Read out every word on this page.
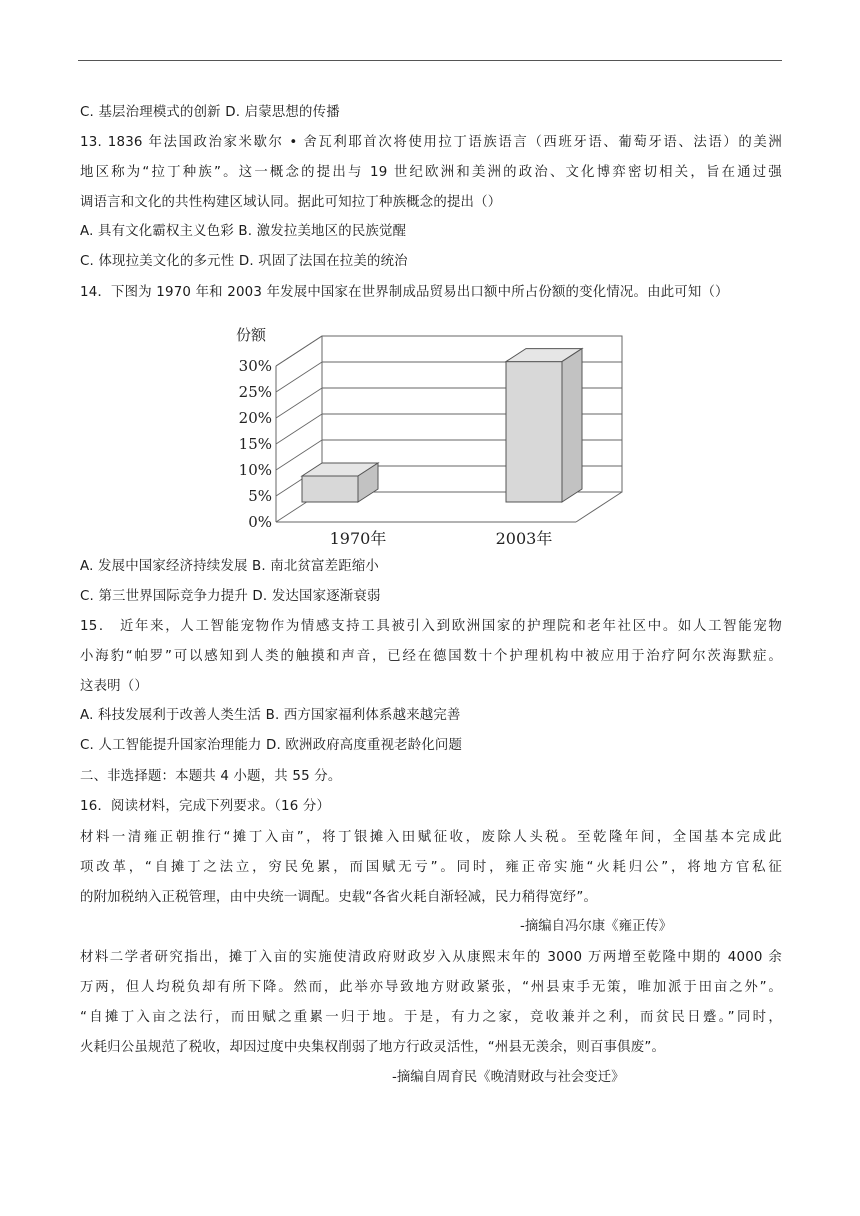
C. 基层治理模式的创新 D. 启蒙思想的传播
13. 1836 年法国政治家米歇尔 • 舍瓦利耶首次将使用拉丁语族语言（西班牙语、葡萄牙语、法语）的美洲
地区称为“拉丁种族”。这一概念的提出与 19 世纪欧洲和美洲的政治、文化博弈密切相关，旨在通过强
调语言和文化的共性构建区域认同。据此可知拉丁种族概念的提出（）
A. 具有文化霸权主义色彩 B. 激发拉美地区的民族觉醒
C. 体现拉美文化的多元性 D. 巩固了法国在拉美的统治
14．下图为 1970 年和 2003 年发展中国家在世界制成品贸易出口额中所占份额的变化情况。由此可知（）
0%
5%
10%
15%
20%
25%
30%
份额
1970年	2003年
A. 发展中国家经济持续发展 B. 南北贫富差距缩小
C. 第三世界国际竞争力提升 D. 发达国家逐渐衰弱
15． 近年来，人工智能宠物作为情感支持工具被引入到欧洲国家的护理院和老年社区中。如人工智能宠物
小海豹“帕罗”可以感知到人类的触摸和声音，已经在德国数十个护理机构中被应用于治疗阿尔茨海默症。
这表明（）
A. 科技发展利于改善人类生活 B. 西方国家福利体系越来越完善
C. 人工智能提升国家治理能力 D. 欧洲政府高度重视老龄化问题
二、非选择题：本题共 4 小题，共 55 分。
16．阅读材料，完成下列要求。（16 分）
材料一清雍正朝推行“摊丁入亩”，将丁银摊入田赋征收，废除人头税。至乾隆年间，全国基本完成此
项改革，“自摊丁之法立，穷民免累，而国赋无亏”。同时，雍正帝实施“火耗归公”，将地方官私征
的附加税纳入正税管理，由中央统一调配。史载“各省火耗自渐轻减，民力稍得宽纾”。
-摘编自冯尔康《雍正传》
材料二学者研究指出，摊丁入亩的实施使清政府财政岁入从康熙末年的 3000 万两增至乾隆中期的 4000 余
万两，但人均税负却有所下降。然而，此举亦导致地方财政紧张，“州县束手无策，唯加派于田亩之外”。
“自摊丁入亩之法行，而田赋之重累一归于地。于是，有力之家，竞收兼并之利，而贫民日蹙。”同时，
火耗归公虽规范了税收，却因过度中央集权削弱了地方行政灵活性，“州县无羡余，则百事俱废”。
-摘编自周育民《晚清财政与社会变迁》
